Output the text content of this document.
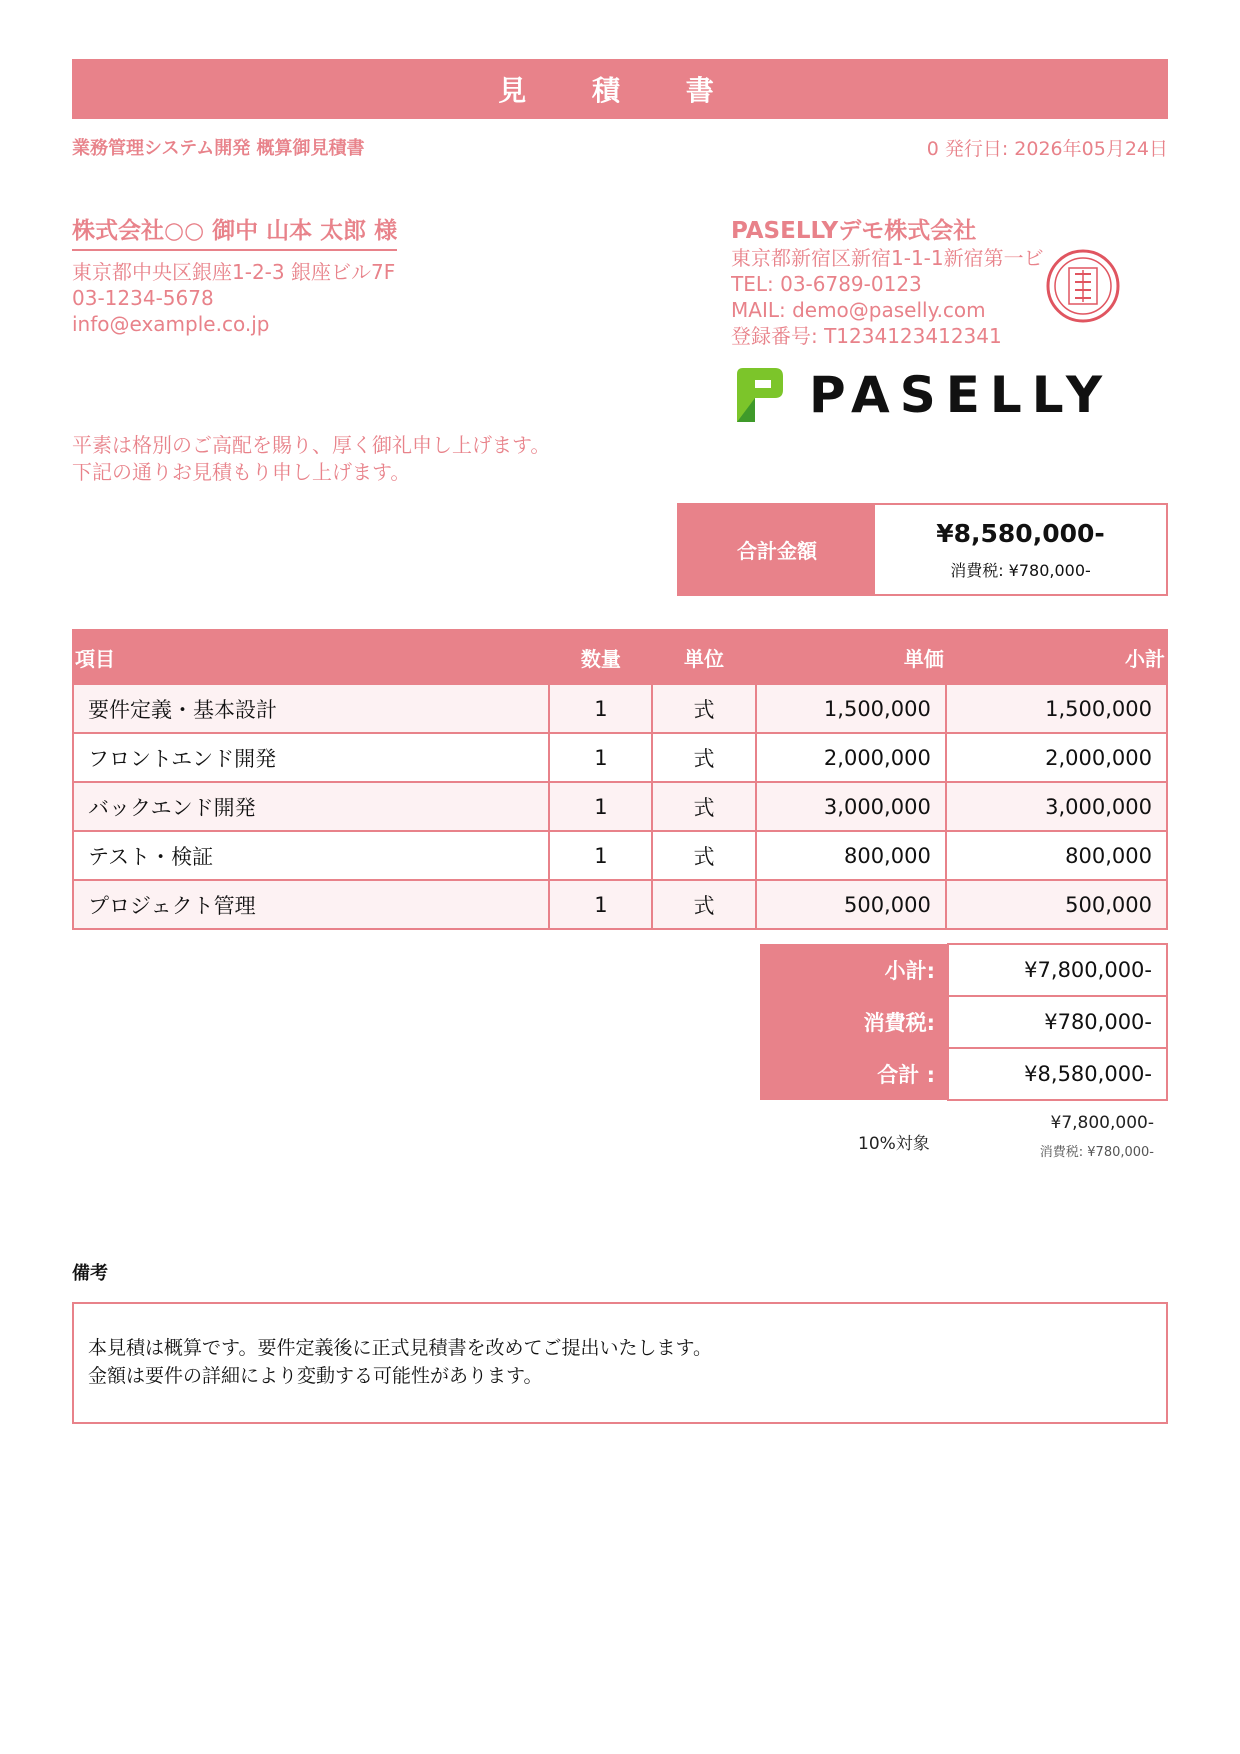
見 積 書
業務管理システム開発 概算御見積書	0 発行日: 2026年05月24日
株式会社○○ 御中 山本 太郎 様
東京都中央区銀座1-2-3 銀座ビル7F
03-1234-5678
info@example.co.jp
PASELLYデモ株式会社
東京都新宿区新宿1-1-1新宿第一ビ
TEL: 03-6789-0123
MAIL: demo@paselly.com
登録番号: T1234123412341
PASELLY
平素は格別のご高配を賜り、厚く御礼申し上げます。
下記の通りお見積もり申し上げます。
合計金額
¥8,580,000-
消費税: ¥780,000-
項目	数量	単位	単価	小計
要件定義・基本設計	1	式	1,500,000	1,500,000
フロントエンド開発	1	式	2,000,000	2,000,000
バックエンド開発	1	式	3,000,000	3,000,000
テスト・検証	1	式	800,000	800,000
プロジェクト管理	1	式	500,000	500,000
小計:	¥7,800,000-
消費税:	¥780,000-
合計 :	¥8,580,000-
10%対象
¥7,800,000-
消費税: ¥780,000-
備考
本見積は概算です。要件定義後に正式見積書を改めてご提出いたします。
金額は要件の詳細により変動する可能性があります。
